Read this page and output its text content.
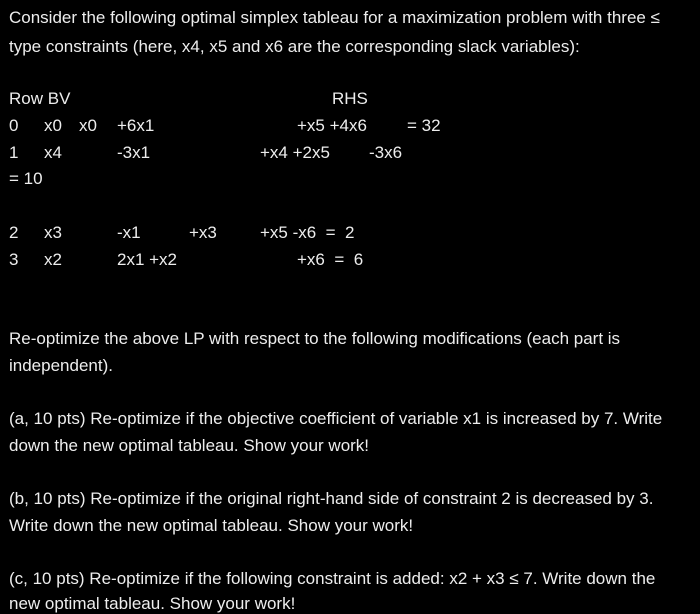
Consider the following optimal simplex tableau for a maximization problem with three ≤
type constraints (here, x4, x5 and x6 are the corresponding slack variables):
Row BV	RHS
0 x0 x0 +6x1	+x5 +4x6 = 32
1 x4	-3x1	+x4 +2x5 -3x6
= 10
2 x3	-x1	+x3	+x5 -x6  =  2
3 x2	2x1 +x2	+x6  =  6
Re-optimize the above LP with respect to the following modifications (each part is
independent).
(a, 10 pts) Re-optimize if the objective coefficient of variable x1 is increased by 7. Write
down the new optimal tableau. Show your work!
(b, 10 pts) Re-optimize if the original right-hand side of constraint 2 is decreased by 3.
Write down the new optimal tableau. Show your work!
(c, 10 pts) Re-optimize if the following constraint is added: x2 + x3 ≤ 7. Write down the
new optimal tableau. Show your work!
